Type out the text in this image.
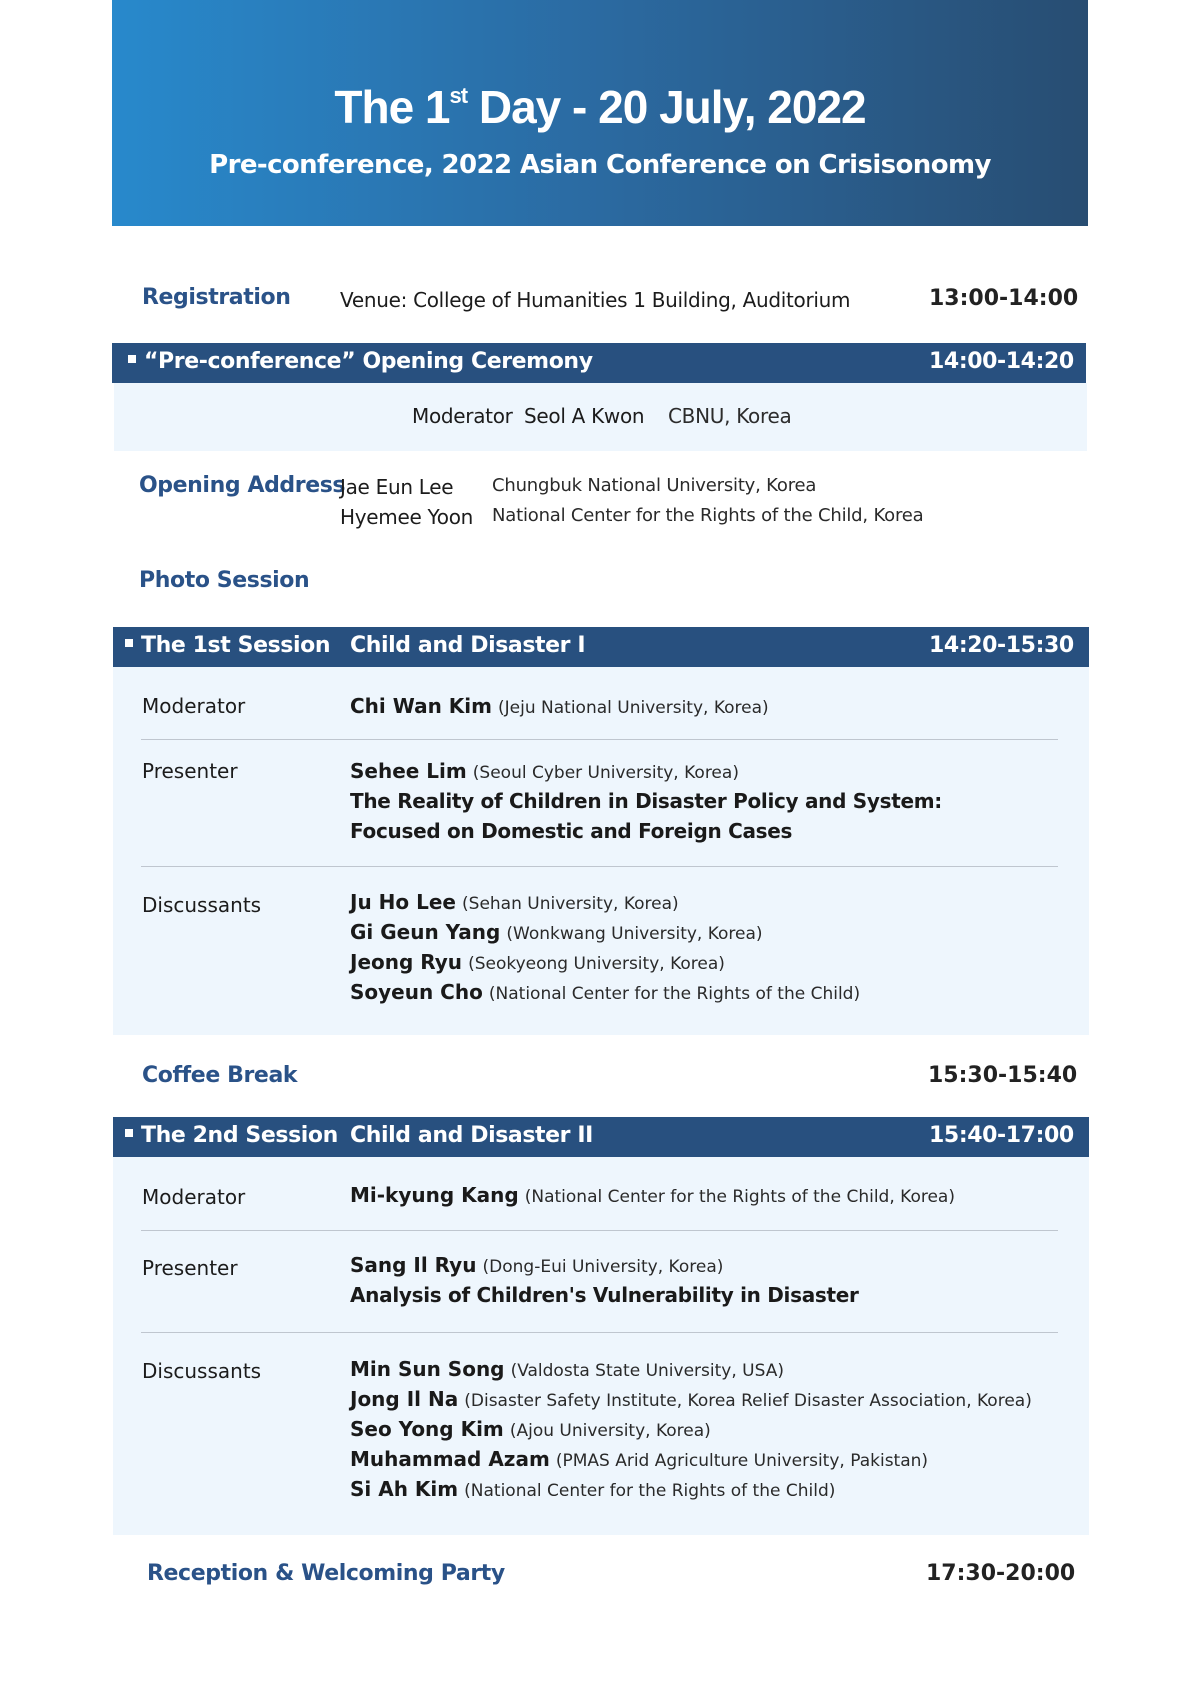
The 1st Day - 20 July, 2022
Pre-conference, 2022 Asian Conference on Crisisonomy
Registration Venue: College of Humanities 1 Building, Auditorium	13:00-14:00
“Pre-conference” Opening Ceremony	14:00-14:20
Moderator Seol A Kwon CBNU, Korea
Opening Address
Jae Eun Lee Chungbuk National University, Korea
Hyemee Yoon National Center for the Rights of the Child, Korea
Photo Session
The 1st Session Child and Disaster I	14:20-15:30
Moderator	Chi Wan Kim (Jeju National University, Korea)
Presenter	Sehee Lim (Seoul Cyber University, Korea)
The Reality of Children in Disaster Policy and System:
Focused on Domestic and Foreign Cases
Discussants	Ju Ho Lee (Sehan University, Korea)
Gi Geun Yang (Wonkwang University, Korea)
Jeong Ryu (Seokyeong University, Korea)
Soyeun Cho (National Center for the Rights of the Child)
Coffee Break	15:30-15:40
The 2nd Session Child and Disaster II	15:40-17:00
Moderator	Mi-kyung Kang (National Center for the Rights of the Child, Korea)
Presenter	Sang Il Ryu (Dong-Eui University, Korea)
Analysis of Children's Vulnerability in Disaster
Discussants	Min Sun Song (Valdosta State University, USA)
Jong Il Na (Disaster Safety Institute, Korea Relief Disaster Association, Korea)
Seo Yong Kim (Ajou University, Korea)
Muhammad Azam (PMAS Arid Agriculture University, Pakistan)
Si Ah Kim (National Center for the Rights of the Child)
Reception & Welcoming Party	17:30-20:00
